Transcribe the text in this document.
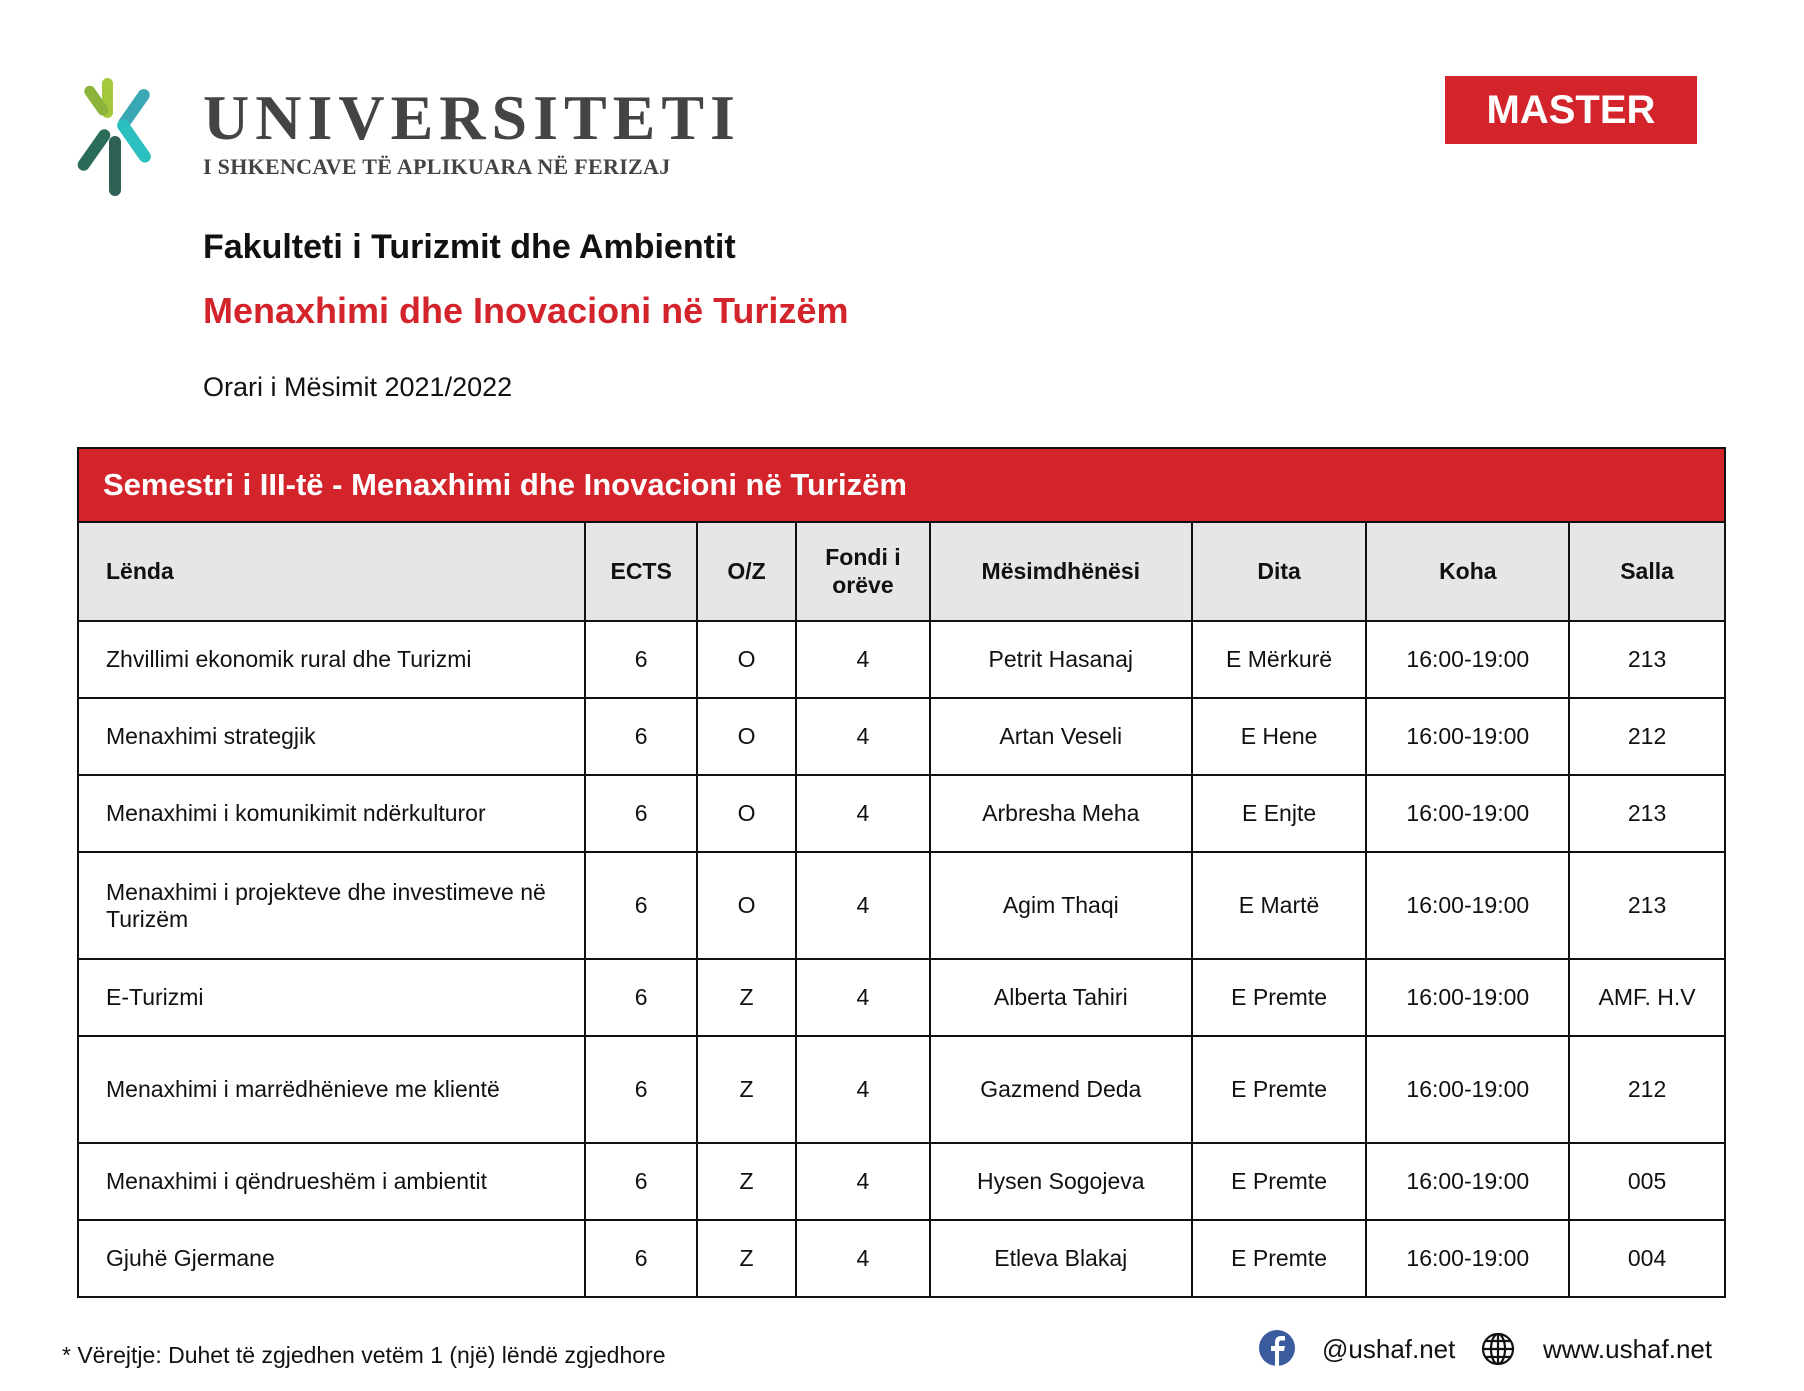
UNIVERSITETI
I SHKENCAVE TË APLIKUARA NË FERIZAJ
MASTER
Fakulteti i Turizmit dhe Ambientit
Menaxhimi dhe Inovacioni në Turizëm
Orari i Mësimit 2021/2022
Semestri i III-të - Menaxhimi dhe Inovacioni në Turizëm							
Lënda	ECTS	O/Z	Fondi i orëve	Mësimdhënësi	Dita	Koha	Salla
Zhvillimi ekonomik rural dhe Turizmi	6	O	4	Petrit Hasanaj	E Mërkurë	16:00-19:00	213
Menaxhimi strategjik	6	O	4	Artan Veseli	E Hene	16:00-19:00	212
Menaxhimi i komunikimit ndërkulturor	6	O	4	Arbresha Meha	E Enjte	16:00-19:00	213
Menaxhimi i projekteve dhe investimeve në Turizëm	6	O	4	Agim Thaqi	E Martë	16:00-19:00	213
E-Turizmi	6	Z	4	Alberta Tahiri	E Premte	16:00-19:00	AMF. H.V
Menaxhimi i marrëdhënieve me klientë	6	Z	4	Gazmend Deda	E Premte	16:00-19:00	212
Menaxhimi i qëndrueshëm i ambientit	6	Z	4	Hysen Sogojeva	E Premte	16:00-19:00	005
Gjuhë Gjermane	6	Z	4	Etleva Blakaj	E Premte	16:00-19:00	004
* Vërejtje: Duhet të zgjedhen vetëm 1 (një) lëndë zgjedhore	@ushaf.net	www.ushaf.net
